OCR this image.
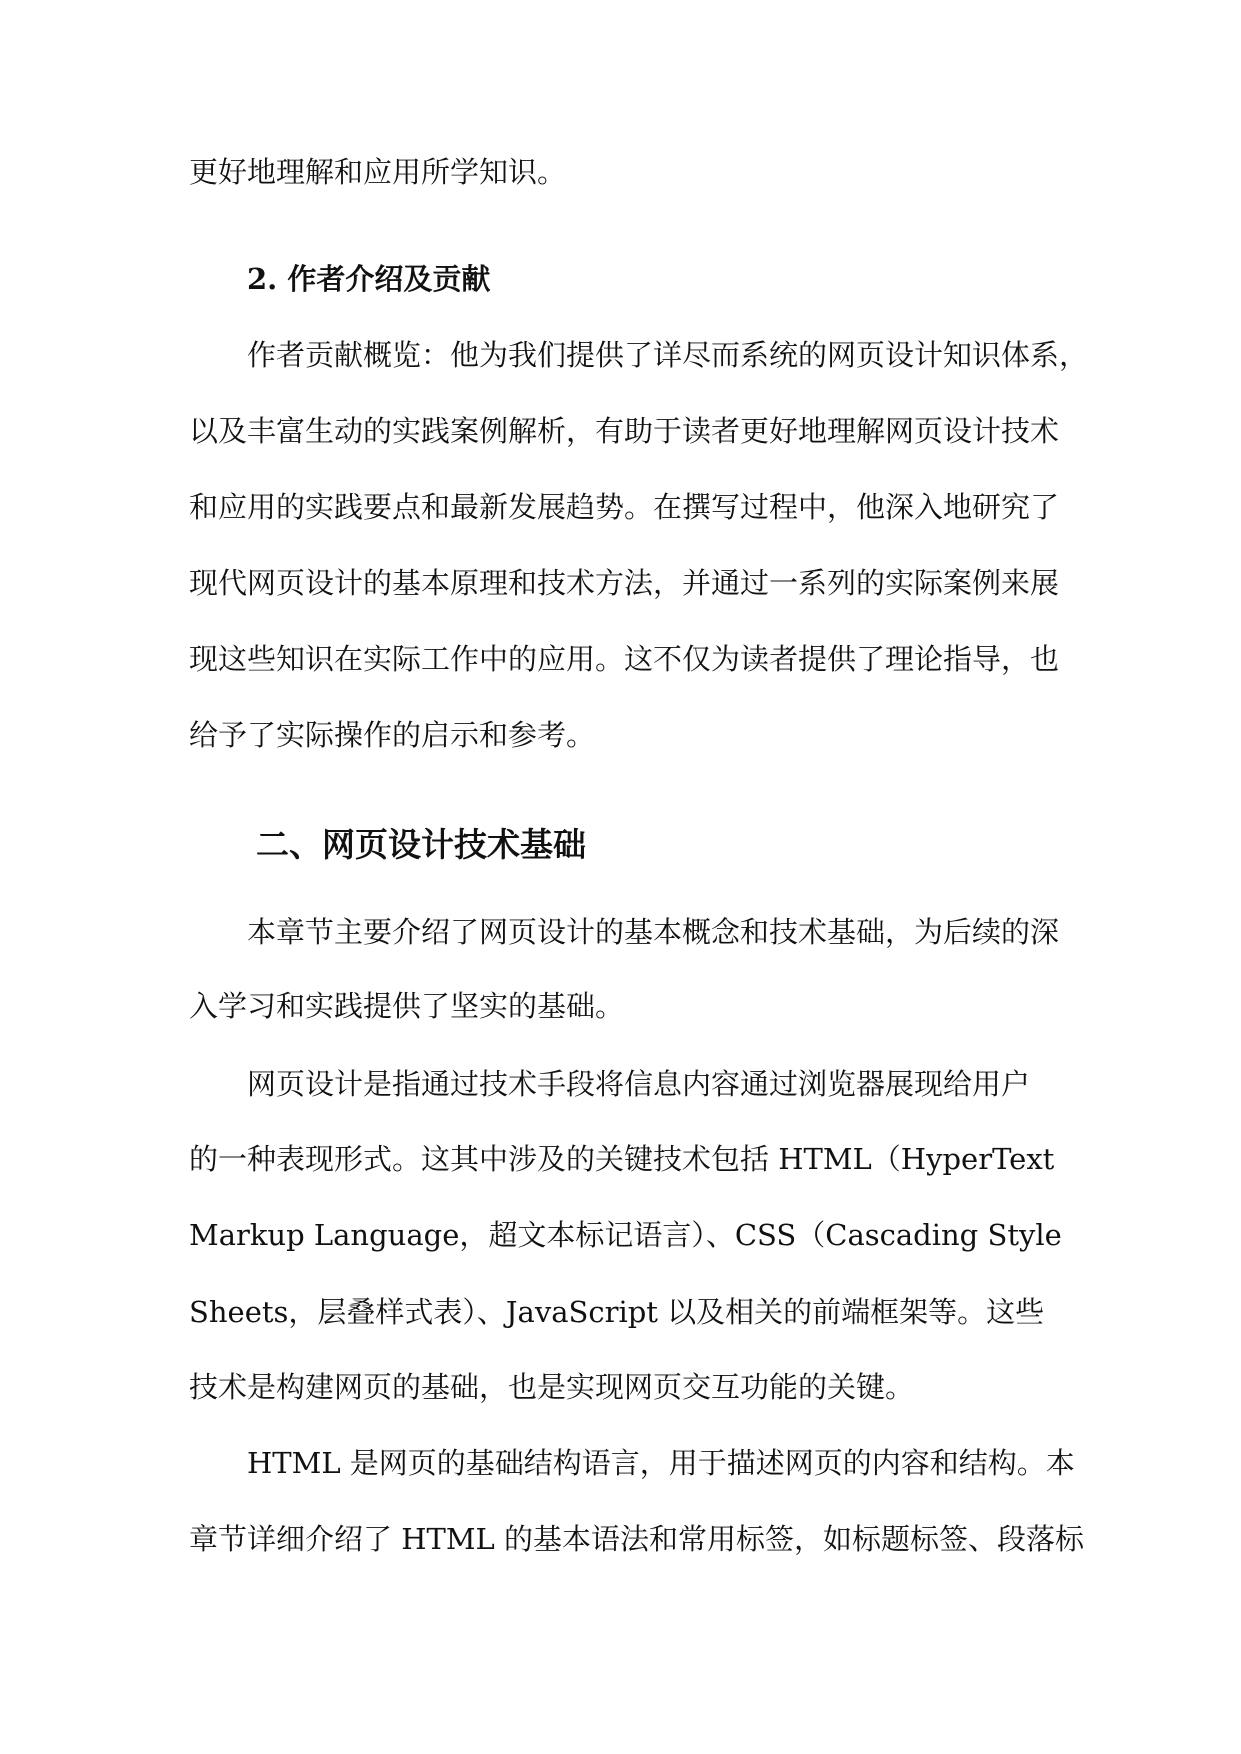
更好地理解和应用所学知识。
2. 作者介绍及贡献
作者贡献概览：他为我们提供了详尽而系统的网页设计知识体系，
以及丰富生动的实践案例解析，有助于读者更好地理解网页设计技术
和应用的实践要点和最新发展趋势。在撰写过程中，他深入地研究了
现代网页设计的基本原理和技术方法，并通过一系列的实际案例来展
现这些知识在实际工作中的应用。这不仅为读者提供了理论指导，也
给予了实际操作的启示和参考。
二、网页设计技术基础
本章节主要介绍了网页设计的基本概念和技术基础，为后续的深
入学习和实践提供了坚实的基础。
网页设计是指通过技术手段将信息内容通过浏览器展现给用户
的一种表现形式。这其中涉及的关键技术包括 HTML（HyperText
Markup Language，超文本标记语言）、CSS（Cascading Style
Sheets，层叠样式表）、JavaScript 以及相关的前端框架等。这些
技术是构建网页的基础，也是实现网页交互功能的关键。
HTML 是网页的基础结构语言，用于描述网页的内容和结构。本
章节详细介绍了 HTML 的基本语法和常用标签，如标题标签、段落标
